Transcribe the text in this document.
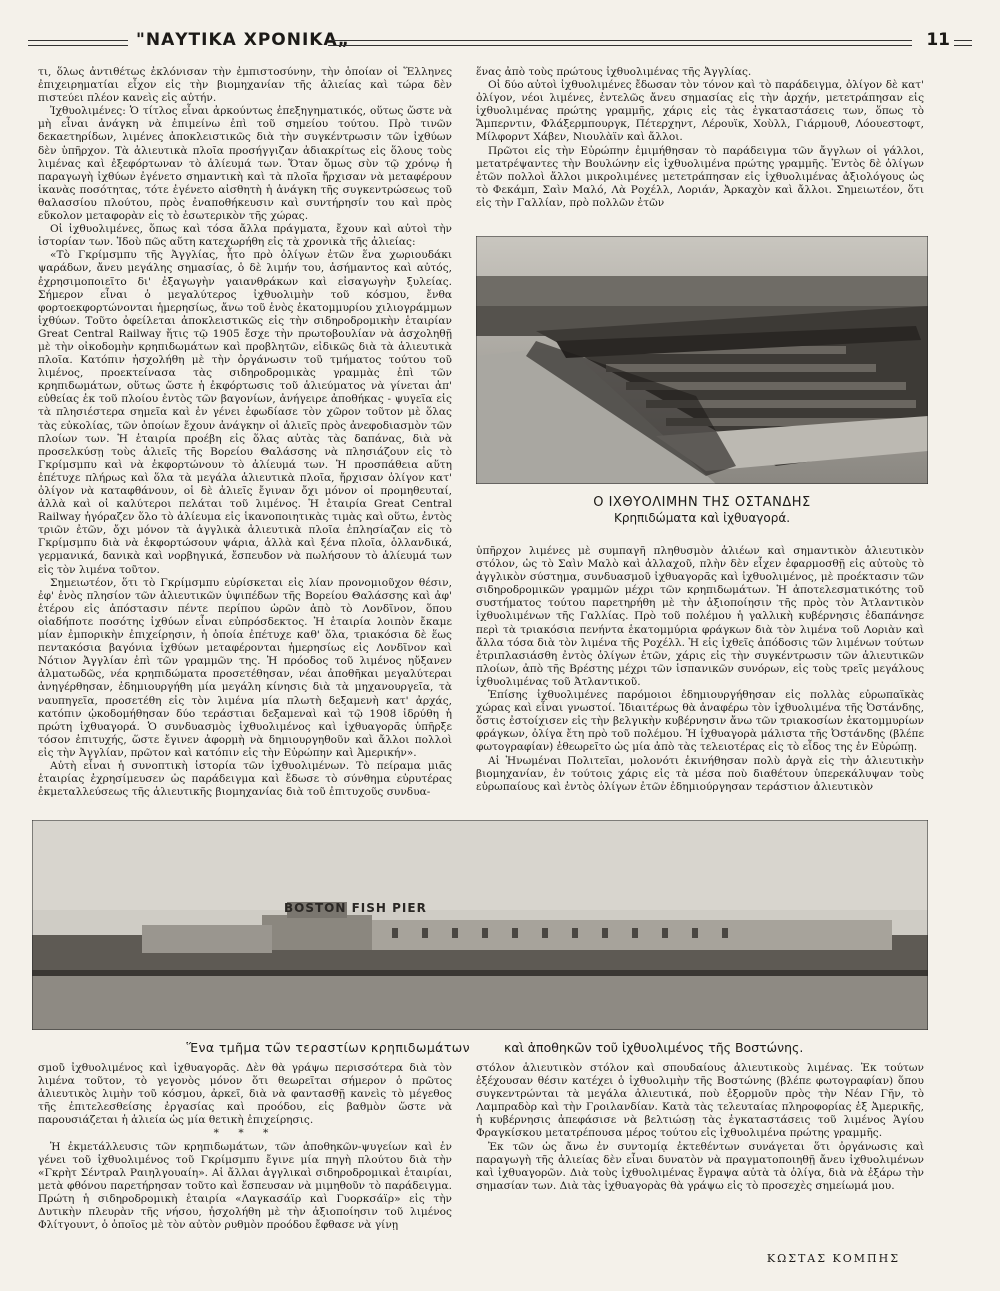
"ΝΑΥΤΙΚΑ ΧΡΟΝΙΚΑ„	11

τι, ὅλως ἀντιθέτως ἐκλόνισαν τὴν ἐμπιστοσύνην, τὴν ὁποίαν οἱ Ἕλληνες ἐπιχειρηματίαι εἶχον εἰς τὴν βιομηχανίαν τῆς ἁλιείας καὶ τώρα δὲν πιστεύει πλέον κανεὶς εἰς αὐτήν.

Ἰχθυολιμένες: Ὁ τίτλος εἶναι ἀρκούντως ἐπεξηγηματικός, οὕτως ὥστε νὰ μὴ εἶναι ἀνάγκη νὰ ἐπιμείνω ἐπὶ τοῦ σημείου τούτου. Πρὸ τινῶν δεκαετηρίδων, λιμένες ἀποκλειστικῶς διὰ τὴν συγκέντρωσιν τῶν ἰχθύων δὲν ὑπῆρχον. Τὰ ἁλιευτικὰ πλοῖα προσήγγιζαν ἀδιακρίτως εἰς ὅλους τοὺς λιμένας καὶ ἐξεφόρτωναν τὸ ἁλίευμά των. Ὅταν ὅμως σὺν τῷ χρόνῳ ἡ παραγωγὴ ἰχθύων ἐγένετο σημαντικὴ καὶ τὰ πλοῖα ἤρχισαν νὰ μεταφέρουν ἱκανὰς ποσότητας, τότε ἐγένετο αἰσθητὴ ἡ ἀνάγκη τῆς συγκεντρώσεως τοῦ θαλασσίου πλούτου, πρὸς ἐναποθήκευσιν καὶ συντήρησίν του καὶ πρὸς εὔκολον μεταφορὰν εἰς τὸ ἐσωτερικὸν τῆς χώρας.

Οἱ ἰχθυολιμένες, ὅπως καὶ τόσα ἄλλα πράγματα, ἔχουν καὶ αὐτοὶ τὴν ἱστορίαν των. Ἰδοὺ πῶς αὕτη κατεχωρήθη εἰς τὰ χρονικὰ τῆς ἁλιείας:

«Τὸ Γκρίμσμπυ τῆς Ἀγγλίας, ἦτο πρὸ ὀλίγων ἐτῶν ἕνα χωριουδάκι ψαράδων, ἄνευ μεγάλης σημασίας, ὁ δὲ λιμήν του, ἀσήμαντος καὶ αὐτός, ἐχρησιμοποιεῖτο δι' ἐξαγωγὴν γαιανθράκων καὶ εἰσαγωγὴν ξυλείας. Σήμερον εἶναι ὁ μεγαλύτερος ἰχθυολιμὴν τοῦ κόσμου, ἔνθα φορτοεκφορτώνονται ἡμερησίως, ἄνω τοῦ ἑνὸς ἑκατομμυρίου χιλιογράμμων ἰχθύων. Τοῦτο ὀφείλεται ἀποκλειστικῶς εἰς τὴν σιδηροδρομικὴν ἑταιρίαν Great Central Railway ἥτις τῷ 1905 ἔσχε τὴν πρωτοβουλίαν νὰ ἀσχοληθῇ μὲ τὴν οἰκοδομὴν κρηπιδωμάτων καὶ προβλητῶν, εἰδικῶς διὰ τὰ ἁλιευτικὰ πλοῖα. Κατόπιν ἠσχολήθη μὲ τὴν ὀργάνωσιν τοῦ τμήματος τούτου τοῦ λιμένος, προεκτείνασα τὰς σιδηροδρομικὰς γραμμὰς ἐπὶ τῶν κρηπιδωμάτων, οὕτως ὥστε ἡ ἐκφόρτωσις τοῦ ἁλιεύματος νὰ γίνεται ἀπ' εὐθείας ἐκ τοῦ πλοίου ἐντὸς τῶν βαγονίων, ἀνήγειρε ἀποθήκας - ψυγεῖα εἰς τὰ πλησιέστερα σημεῖα καὶ ἐν γένει ἐφωδίασε τὸν χῶρον τοῦτον μὲ ὅλας τὰς εὐκολίας, τῶν ὁποίων ἔχουν ἀνάγκην οἱ ἁλιεῖς πρὸς ἀνεφοδιασμὸν τῶν πλοίων των. Ἡ ἑταιρία προέβη εἰς ὅλας αὐτὰς τὰς δαπάνας, διὰ νὰ προσελκύσῃ τοὺς ἁλιεῖς τῆς Βορείου Θαλάσσης νὰ πλησιάζουν εἰς τὸ Γκρίμσμπυ καὶ νὰ ἐκφορτώνουν τὸ ἁλίευμά των. Ἡ προσπάθεια αὕτη ἐπέτυχε πλήρως καὶ ὅλα τὰ μεγάλα ἁλιευτικὰ πλοῖα, ἤρχισαν ὀλίγον κατ' ὀλίγον νὰ καταφθάνουν, οἱ δὲ ἁλιεῖς ἔγιναν ὄχι μόνον οἱ προμηθευταί, ἀλλὰ καὶ οἱ καλύτεροι πελάται τοῦ λιμένος. Ἡ ἑταιρία Great Central Railway ἠγόραζεν ὅλο τὸ ἁλίευμα εἰς ἱκανοποιητικὰς τιμὰς καὶ οὕτω, ἐντὸς τριῶν ἐτῶν, ὄχι μόνον τὰ ἀγγλικὰ ἁλιευτικὰ πλοῖα ἐπλησίαζαν εἰς τὸ Γκρίμσμπυ διὰ νὰ ἐκφορτώσουν ψάρια, ἀλλὰ καὶ ξένα πλοῖα, ὁλλανδικά, γερμανικά, δανικὰ καὶ νορβηγικά, ἔσπευδον νὰ πωλήσουν τὸ ἁλίευμά των εἰς τὸν λιμένα τοῦτον.

Σημειωτέον, ὅτι τὸ Γκρίμσμπυ εὑρίσκεται εἰς λίαν προνομιοῦχον θέσιν, ἐφ' ἑνὸς πλησίον τῶν ἁλιευτικῶν ὑψιπέδων τῆς Βορείου Θαλάσσης καὶ ἀφ' ἑτέρου εἰς ἀπόστασιν πέντε περίπου ὡρῶν ἀπὸ τὸ Λονδῖνον, ὅπου οἱαδήποτε ποσότης ἰχθύων εἶναι εὐπρόσδεκτος. Ἡ ἑταιρία λοιπὸν ἔκαμε μίαν ἐμπορικὴν ἐπιχείρησιν, ἡ ὁποία ἐπέτυχε καθ' ὅλα, τριακόσια δὲ ἕως πεντακόσια βαγόνια ἰχθύων μεταφέρονται ἡμερησίως εἰς Λονδῖνον καὶ Νότιον Ἀγγλίαν ἐπὶ τῶν γραμμῶν της. Ἡ πρόοδος τοῦ λιμένος ηὔξανεν ἀλματωδῶς, νέα κρηπιδώματα προσετέθησαν, νέαι ἀποθῆκαι μεγαλύτεραι ἀνηγέρθησαν, ἐδημιουργήθη μία μεγάλη κίνησις διὰ τὰ μηχανουργεῖα, τὰ ναυπηγεῖα, προσετέθη εἰς τὸν λιμένα μία πλωτὴ δεξαμενὴ κατ' ἀρχάς, κατόπιν ᾠκοδομήθησαν δύο τεράστιαι δεξαμεναὶ καὶ τῷ 1908 ἱδρύθη ἡ πρώτη ἰχθυαγορά. Ὁ συνδυασμὸς ἰχθυολιμένος καὶ ἰχθυαγορᾶς ὑπῆρξε τόσον ἐπιτυχής, ὥστε ἔγινεν ἀφορμὴ νὰ δημιουργηθοῦν καὶ ἄλλοι πολλοὶ εἰς τὴν Ἀγγλίαν, πρῶτον καὶ κατόπιν εἰς τὴν Εὐρώπην καὶ Ἀμερικήν».

Αὐτὴ εἶναι ἡ συνοπτικὴ ἱστορία τῶν ἰχθυολιμένων. Τὸ πείραμα μιᾶς ἑταιρίας ἐχρησίμευσεν ὡς παράδειγμα καὶ ἔδωσε τὸ σύνθημα εὐρυτέρας ἐκμεταλλεύσεως τῆς ἁλιευτικῆς βιομηχανίας διὰ τοῦ ἐπιτυχοῦς συνδυα-

ἕνας ἀπὸ τοὺς πρώτους ἰχθυολιμένας τῆς Ἀγγλίας.

Οἱ δύο αὐτοὶ ἰχθυολιμένες ἔδωσαν τὸν τόνον καὶ τὸ παράδειγμα, ὀλίγον δὲ κατ' ὀλίγον, νέοι λιμένες, ἐντελῶς ἄνευ σημασίας εἰς τὴν ἀρχήν, μετετράπησαν εἰς ἰχθυολιμένας πρώτης γραμμῆς, χάρις εἰς τὰς ἐγκαταστάσεις των, ὅπως τὸ Ἄμπερντιν, Φλάξερμπουργκ, Πέτερχηντ, Λέρουϊκ, Χοὺλλ, Γιάρμουθ, Λόουεστοφτ, Μίλφορντ Χάβεν, Νιουλὰϊν καὶ ἄλλοι.

Πρῶτοι εἰς τὴν Εὐρώπην ἐμιμήθησαν τὸ παράδειγμα τῶν ἄγγλων οἱ γάλλοι, μετατρέψαντες τὴν Βουλώνην εἰς ἰχθυολιμένα πρώτης γραμμῆς. Ἐντὸς δὲ ὀλίγων ἐτῶν πολλοὶ ἄλλοι μικρολιμένες μετετράπησαν εἰς ἰχθυολιμένας ἀξιολόγους ὡς τὸ Φεκάμπ, Σαὶν Μαλό, Λὰ Ροχέλλ, Λοριάν, Ἀρκαχὸν καὶ ἄλλοι. Σημειωτέον, ὅτι εἰς τὴν Γαλλίαν, πρὸ πολλῶν ἐτῶν

Ο ΙΧΘΥΟΛΙΜΗΝ ΤΗΣ ΟΣΤΑΝΔΗΣ
Κρηπιδώματα καὶ ἰχθυαγορά.

ὑπῆρχον λιμένες μὲ συμπαγῆ πληθυσμὸν ἁλιέων καὶ σημαντικὸν ἁλιευτικὸν στόλον, ὡς τὸ Σαὶν Μαλὸ καὶ ἀλλαχοῦ, πλὴν δὲν εἶχεν ἐφαρμοσθῇ εἰς αὐτοὺς τὸ ἀγγλικὸν σύστημα, συνδυασμοῦ ἰχθυαγορᾶς καὶ ἰχθυολιμένος, μὲ προέκτασιν τῶν σιδηροδρομικῶν γραμμῶν μέχρι τῶν κρηπιδωμάτων. Ἡ ἀποτελεσματικότης τοῦ συστήματος τούτου παρετηρήθη μὲ τὴν ἀξιοποίησιν τῆς πρὸς τὸν Ἀτλαντικὸν ἰχθυολιμένων τῆς Γαλλίας. Πρὸ τοῦ πολέμου ἡ γαλλικὴ κυβέρνησις ἐδαπάνησε περὶ τὰ τριακόσια πενήντα ἑκατομμύρια φράγκων διὰ τὸν λιμένα τοῦ Λοριὰν καὶ ἄλλα τόσα διὰ τὸν λιμένα τῆς Ροχέλλ. Ἡ εἰς ἰχθεῖς ἀπόδοσις τῶν λιμένων τούτων ἐτριπλασιάσθη ἐντὸς ὀλίγων ἐτῶν, χάρις εἰς τὴν συγκέντρωσιν τῶν ἁλιευτικῶν πλοίων, ἀπὸ τῆς Βρέστης μέχρι τῶν ἱσπανικῶν συνόρων, εἰς τοὺς τρεῖς μεγάλους ἰχθυολιμένας τοῦ Ἀτλαντικοῦ.

Ἐπίσης ἰχθυολιμένες παρόμοιοι ἐδημιουργήθησαν εἰς πολλὰς εὐρωπαϊκὰς χώρας καὶ εἶναι γνωστοί. Ἰδιαιτέρως θὰ ἀναφέρω τὸν ἰχθυολιμένα τῆς Ὀστάνδης, ὅστις ἐστοίχισεν εἰς τὴν βελγικὴν κυβέρνησιν ἄνω τῶν τριακοσίων ἑκατομμυρίων φράγκων, ὀλίγα ἔτη πρὸ τοῦ πολέμου. Ἡ ἰχθυαγορὰ μάλιστα τῆς Ὀστάνδης (βλέπε φωτογραφίαν) ἐθεωρεῖτο ὡς μία ἀπὸ τὰς τελειοτέρας εἰς τὸ εἶδος της ἐν Εὐρώπῃ.

Αἱ Ἡνωμέναι Πολιτεῖαι, μολονότι ἐκινήθησαν πολὺ ἀργὰ εἰς τὴν ἁλιευτικὴν βιομηχανίαν, ἐν τούτοις χάρις εἰς τὰ μέσα ποὺ διαθέτουν ὑπερεκάλυψαν τοὺς εὐρωπαίους καὶ ἐντὸς ὀλίγων ἐτῶν ἐδημιούργησαν τεράστιον ἁλιευτικὸν

BOSTON FISH PIER
Ἕνα τμῆμα τῶν τεραστίων κρηπιδωμάτων	καὶ ἀποθηκῶν τοῦ ἰχθυολιμένος τῆς Βοστώνης.

σμοῦ ἰχθυολιμένος καὶ ἰχθυαγορᾶς. Δὲν θὰ γράψω περισσότερα διὰ τὸν λιμένα τοῦτον, τὸ γεγονὸς μόνον ὅτι θεωρεῖται σήμερον ὁ πρῶτος ἁλιευτικὸς λιμὴν τοῦ κόσμου, ἀρκεῖ, διὰ νὰ φαντασθῇ κανεὶς τὸ μέγεθος τῆς ἐπιτελεσθείσης ἐργασίας καὶ προόδου, εἰς βαθμὸν ὥστε νὰ παρουσιάζεται ἡ ἁλιεία ὡς μία θετικὴ ἐπιχείρησις.

* * *

Ἡ ἐκμετάλλευσις τῶν κρηπιδωμάτων, τῶν ἀποθηκῶν-ψυγείων καὶ ἐν γένει τοῦ ἰχθυολιμένος τοῦ Γκρίμσμπυ ἔγινε μία πηγὴ πλούτου διὰ τὴν «Γκρὴτ Σέντραλ Ραιηλγουαίη». Αἱ ἄλλαι ἀγγλικαὶ σιδηροδρομικαὶ ἑταιρίαι, μετὰ φθόνου παρετήρησαν τοῦτο καὶ ἔσπευσαν νὰ μιμηθοῦν τὸ παράδειγμα. Πρώτη ἡ σιδηροδρομικὴ ἑταιρία «Λαγκασάϊρ καὶ Γυορκσάϊρ» εἰς τὴν Δυτικὴν πλευρὰν τῆς νήσου, ἠσχολήθη μὲ τὴν ἀξιοποίησιν τοῦ λιμένος Φλίτγουντ, ὁ ὁποῖος μὲ τὸν αὐτὸν ρυθμὸν προόδου ἔφθασε νὰ γίνῃ

στόλον ἁλιευτικὸν στόλον καὶ σπουδαίους ἁλιευτικοὺς λιμένας. Ἐκ τούτων ἐξέχουσαν θέσιν κατέχει ὁ ἰχθυολιμὴν τῆς Βοστώνης (βλέπε φωτογραφίαν) ὅπου συγκεντρώνται τὰ μεγάλα ἁλιευτικά, ποὺ ἐξορμοῦν πρὸς τὴν Νέαν Γῆν, τὸ Λαμπραδὸρ καὶ τὴν Γροιλανδίαν. Κατὰ τὰς τελευταίας πληροφορίας ἐξ Ἀμερικῆς, ἡ κυβέρνησις ἀπεφάσισε νὰ βελτιώσῃ τὰς ἐγκαταστάσεις τοῦ λιμένος Ἁγίου Φραγκίσκου μετατρέπουσα μέρος τούτου εἰς ἰχθυολιμένα πρώτης γραμμῆς.

Ἐκ τῶν ὡς ἄνω ἐν συντομίᾳ ἐκτεθέντων συνάγεται ὅτι ὀργάνωσις καὶ παραγωγὴ τῆς ἁλιείας δὲν εἶναι δυνατὸν νὰ πραγματοποιηθῇ ἄνευ ἰχθυολιμένων καὶ ἰχθυαγορῶν. Διὰ τοὺς ἰχθυολιμένας ἔγραψα αὐτὰ τὰ ὀλίγα, διὰ νὰ ἐξάρω τὴν σημασίαν των. Διὰ τὰς ἰχθυαγορὰς θὰ γράψω εἰς τὸ προσεχὲς σημείωμά μου.

ΚΩΣΤΑΣ ΚΟΜΠΗΣ
